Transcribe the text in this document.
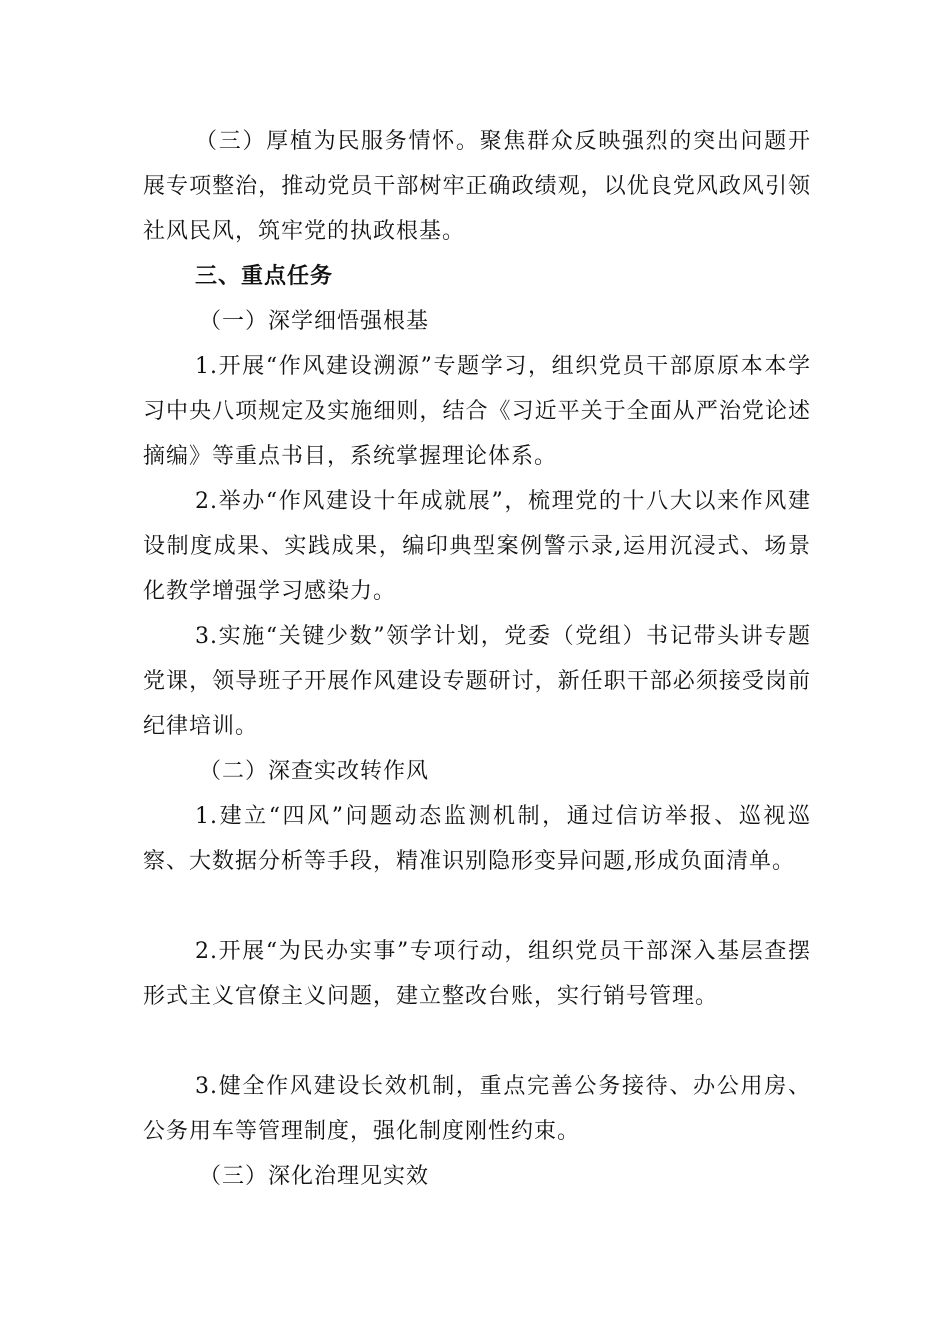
（三）厚植为民服务情怀。聚焦群众反映强烈的突出问题开展专项整治，推动党员干部树牢正确政绩观，以优良党风政风引领社风民风，筑牢党的执政根基。

三、重点任务
（一）深学细悟强根基

1.开展“作风建设溯源”专题学习，组织党员干部原原本本学习中央八项规定及实施细则，结合《习近平关于全面从严治党论述摘编》等重点书目，系统掌握理论体系。

2.举办“作风建设十年成就展”，梳理党的十八大以来作风建设制度成果、实践成果，编印典型案例警示录,运用沉浸式、场景化教学增强学习感染力。

3.实施“关键少数”领学计划，党委（党组）书记带头讲专题党课，领导班子开展作风建设专题研讨，新任职干部必须接受岗前纪律培训。

（二）深查实改转作风

1.建立“四风”问题动态监测机制，通过信访举报、巡视巡察、大数据分析等手段，精准识别隐形变异问题,形成负面清单。

2.开展“为民办实事”专项行动，组织党员干部深入基层查摆形式主义官僚主义问题，建立整改台账，实行销号管理。

3.健全作风建设长效机制，重点完善公务接待、办公用房、公务用车等管理制度，强化制度刚性约束。

（三）深化治理见实效
